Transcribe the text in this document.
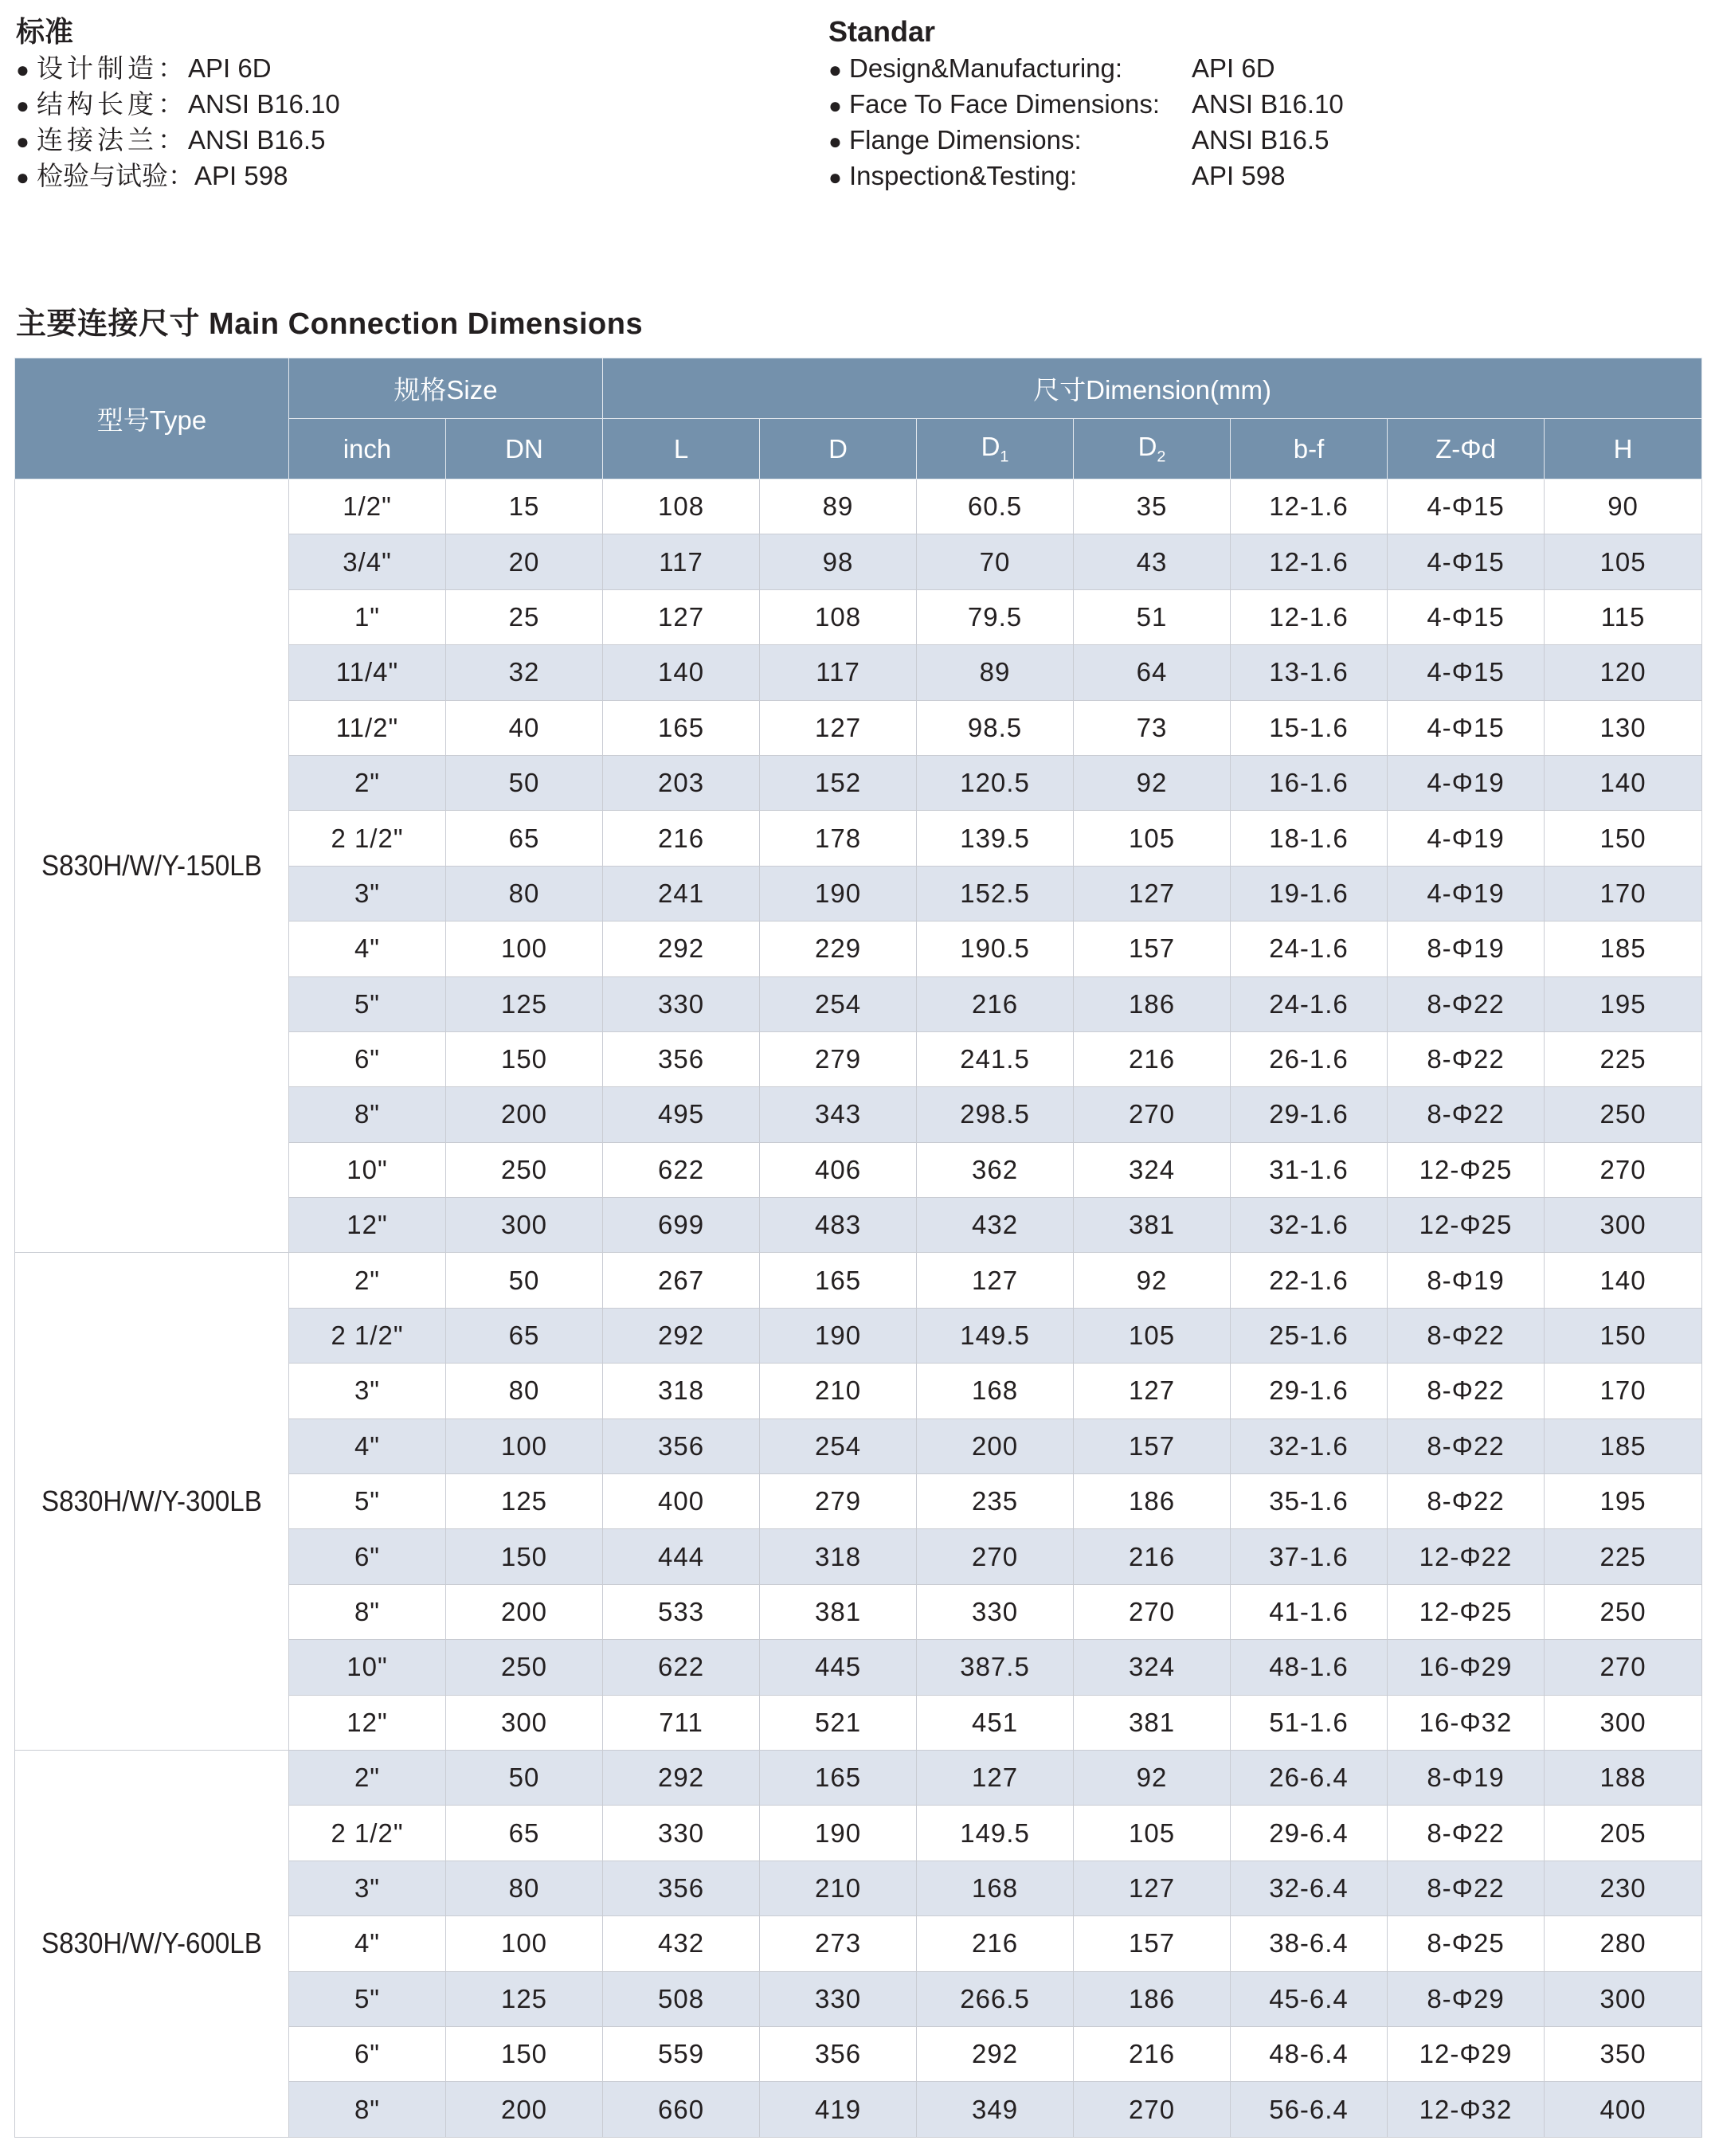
标准
● 设计制造：API 6D
● 结构长度：ANSI B16.10
● 连接法兰：ANSI B16.5
● 检验与试验：API 598
Standar
● Design&Manufacturing:	API 6D
● Face To Face Dimensions: ANSI B16.10
● Flange Dimensions:	ANSI B16.5
● Inspection&Testing:	API 598
主要连接尺寸 Main Connection Dimensions
型号Type	规格Size		尺寸Dimension(mm)						
	inch	DN	L	D	$D_1$	$D_2$	b-f	Z-Φd	H
S830H/W/Y-150LB	1/2"	15	108	89	60.5	35	12-1.6	4-Φ15	90
	3/4"	20	117	98	70	43	12-1.6	4-Φ15	105
	1"	25	127	108	79.5	51	12-1.6	4-Φ15	115
	11/4"	32	140	117	89	64	13-1.6	4-Φ15	120
	11/2"	40	165	127	98.5	73	15-1.6	4-Φ15	130
	2"	50	203	152	120.5	92	16-1.6	4-Φ19	140
	2 1/2"	65	216	178	139.5	105	18-1.6	4-Φ19	150
	3"	80	241	190	152.5	127	19-1.6	4-Φ19	170
	4"	100	292	229	190.5	157	24-1.6	8-Φ19	185
	5"	125	330	254	216	186	24-1.6	8-Φ22	195
	6"	150	356	279	241.5	216	26-1.6	8-Φ22	225
	8"	200	495	343	298.5	270	29-1.6	8-Φ22	250
	10"	250	622	406	362	324	31-1.6	12-Φ25	270
	12"	300	699	483	432	381	32-1.6	12-Φ25	300
S830H/W/Y-300LB	2"	50	267	165	127	92	22-1.6	8-Φ19	140
	2 1/2"	65	292	190	149.5	105	25-1.6	8-Φ22	150
	3"	80	318	210	168	127	29-1.6	8-Φ22	170
	4"	100	356	254	200	157	32-1.6	8-Φ22	185
	5"	125	400	279	235	186	35-1.6	8-Φ22	195
	6"	150	444	318	270	216	37-1.6	12-Φ22	225
	8"	200	533	381	330	270	41-1.6	12-Φ25	250
	10"	250	622	445	387.5	324	48-1.6	16-Φ29	270
	12"	300	711	521	451	381	51-1.6	16-Φ32	300
S830H/W/Y-600LB	2"	50	292	165	127	92	26-6.4	8-Φ19	188
	2 1/2"	65	330	190	149.5	105	29-6.4	8-Φ22	205
	3"	80	356	210	168	127	32-6.4	8-Φ22	230
	4"	100	432	273	216	157	38-6.4	8-Φ25	280
	5"	125	508	330	266.5	186	45-6.4	8-Φ29	300
	6"	150	559	356	292	216	48-6.4	12-Φ29	350
	8"	200	660	419	349	270	56-6.4	12-Φ32	400
